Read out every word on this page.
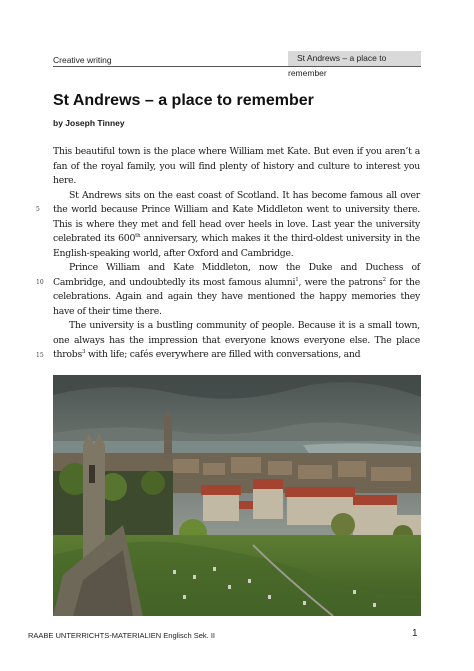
Creative writing	St Andrews – a place to remember
St Andrews – a place to remember
by Joseph Tinney

This beautiful town is the place where William met Kate. But even if you aren’t a fan of the royal family, you will find plenty of history and culture to interest you here.

St Andrews sits on the east coast of Scotland. It has become famous all over the world because Prince William and Kate Middleton went to university there. This is where they met and fell head over heels in love. Last year the university celebrated its 600th anniversary, which makes it the third-oldest university in the English-speaking world, after Oxford and Cambridge.

Prince William and Kate Middleton, now the Duke and Duchess of Cambridge, and undoubtedly its most famous alumni$^1$, were the patrons$^2$ for the celebrations. Again and again they have mentioned the happy memories they have of their time there.

The university is a bustling community of people. Because it is a small town, one always has the impression that everyone knows everyone else. The place throbs$^3$ with life; cafés everywhere are filled with conversations, and

5
10
15
RAABE UNTERRICHTS-MATERIALIEN Englisch Sek. II	1
